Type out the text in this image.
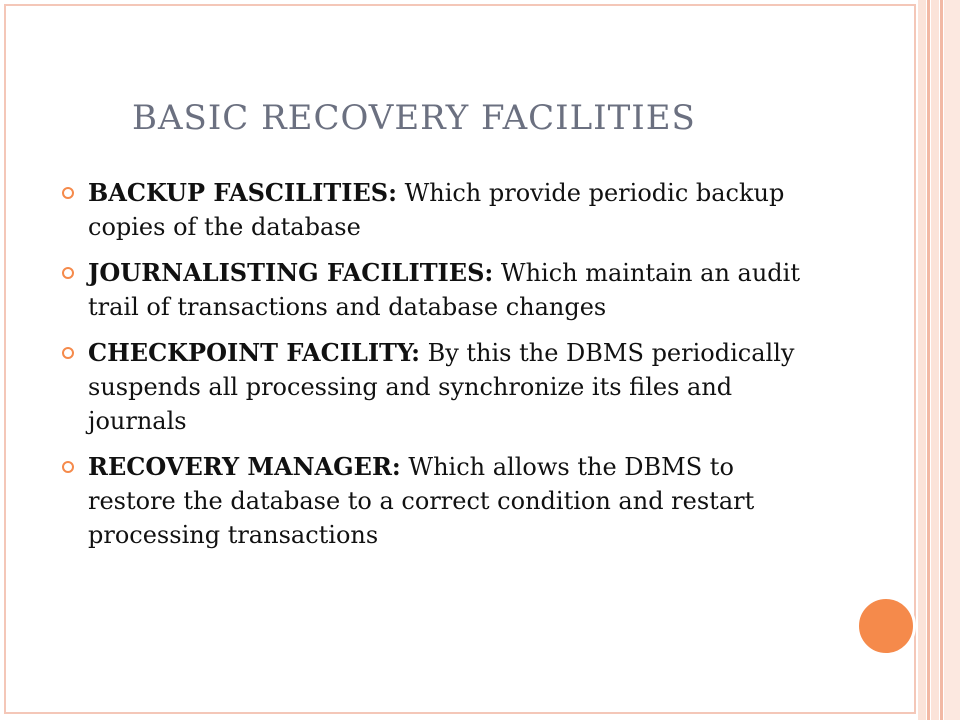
BASIC RECOVERY FACILITIES
BACKUP FASCILITIES: Which provide periodic backup copies of the database
JOURNALISTING FACILITIES: Which maintain an audit trail of transactions and database changes
CHECKPOINT FACILITY: By this the DBMS periodically suspends all processing and synchronize its files and journals
RECOVERY MANAGER: Which allows the DBMS to restore the database to a correct condition and restart processing transactions
